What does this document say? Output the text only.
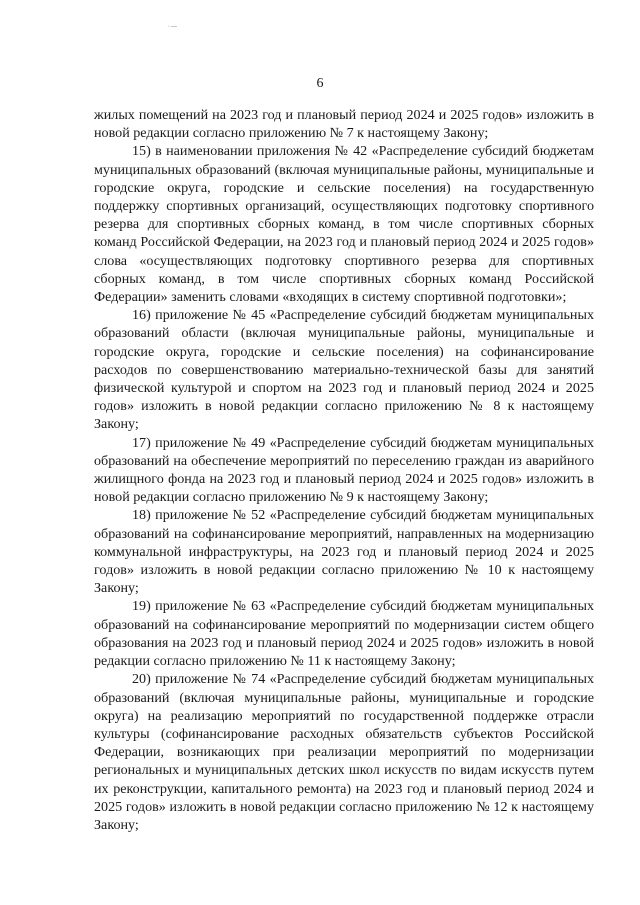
·—
6

жилых помещений на 2023 год и плановый период 2024 и 2025 годов» изложить в новой редакции согласно приложению № 7 к настоящему Закону;

15) в наименовании приложения № 42 «Распределение субсидий бюджетам муниципальных образований (включая муниципальные районы, муниципальные и городские округа, городские и сельские поселения) на государственную поддержку спортивных организаций, осуществляющих подготовку спортивного резерва для спортивных сборных команд, в том числе спортивных сборных команд Российской Федерации, на 2023 год и плановый период 2024 и 2025 годов» слова «осуществляющих подготовку спортивного резерва для спортивных сборных команд, в том числе спортивных сборных команд Российской Федерации» заменить словами «входящих в систему спортивной подготовки»;

16) приложение № 45 «Распределение субсидий бюджетам муниципальных образований области (включая муниципальные районы, муниципальные и городские округа, городские и сельские поселения) на софинансирование расходов по совершенствованию материально-технической базы для занятий физической культурой и спортом на 2023 год и плановый период 2024 и 2025 годов» изложить в новой редакции согласно приложению № 8 к настоящему Закону;

17) приложение № 49 «Распределение субсидий бюджетам муниципальных образований на обеспечение мероприятий по переселению граждан из аварийного жилищного фонда на 2023 год и плановый период 2024 и 2025 годов» изложить в новой редакции согласно приложению № 9 к настоящему Закону;

18) приложение № 52 «Распределение субсидий бюджетам муниципальных образований на софинансирование мероприятий, направленных на модернизацию коммунальной инфраструктуры, на 2023 год и плановый период 2024 и 2025 годов» изложить в новой редакции согласно приложению № 10 к настоящему Закону;

19) приложение № 63 «Распределение субсидий бюджетам муниципальных образований на софинансирование мероприятий по модернизации систем общего образования на 2023 год и плановый период 2024 и 2025 годов» изложить в новой редакции согласно приложению № 11 к настоящему Закону;

20) приложение № 74 «Распределение субсидий бюджетам муниципальных образований (включая муниципальные районы, муниципальные и городские округа) на реализацию мероприятий по государственной поддержке отрасли культуры (софинансирование расходных обязательств субъектов Российской Федерации, возникающих при реализации мероприятий по модернизации региональных и муниципальных детских школ искусств по видам искусств путем их реконструкции, капитального ремонта) на 2023 год и плановый период 2024 и 2025 годов» изложить в новой редакции согласно приложению № 12 к настоящему Закону;
